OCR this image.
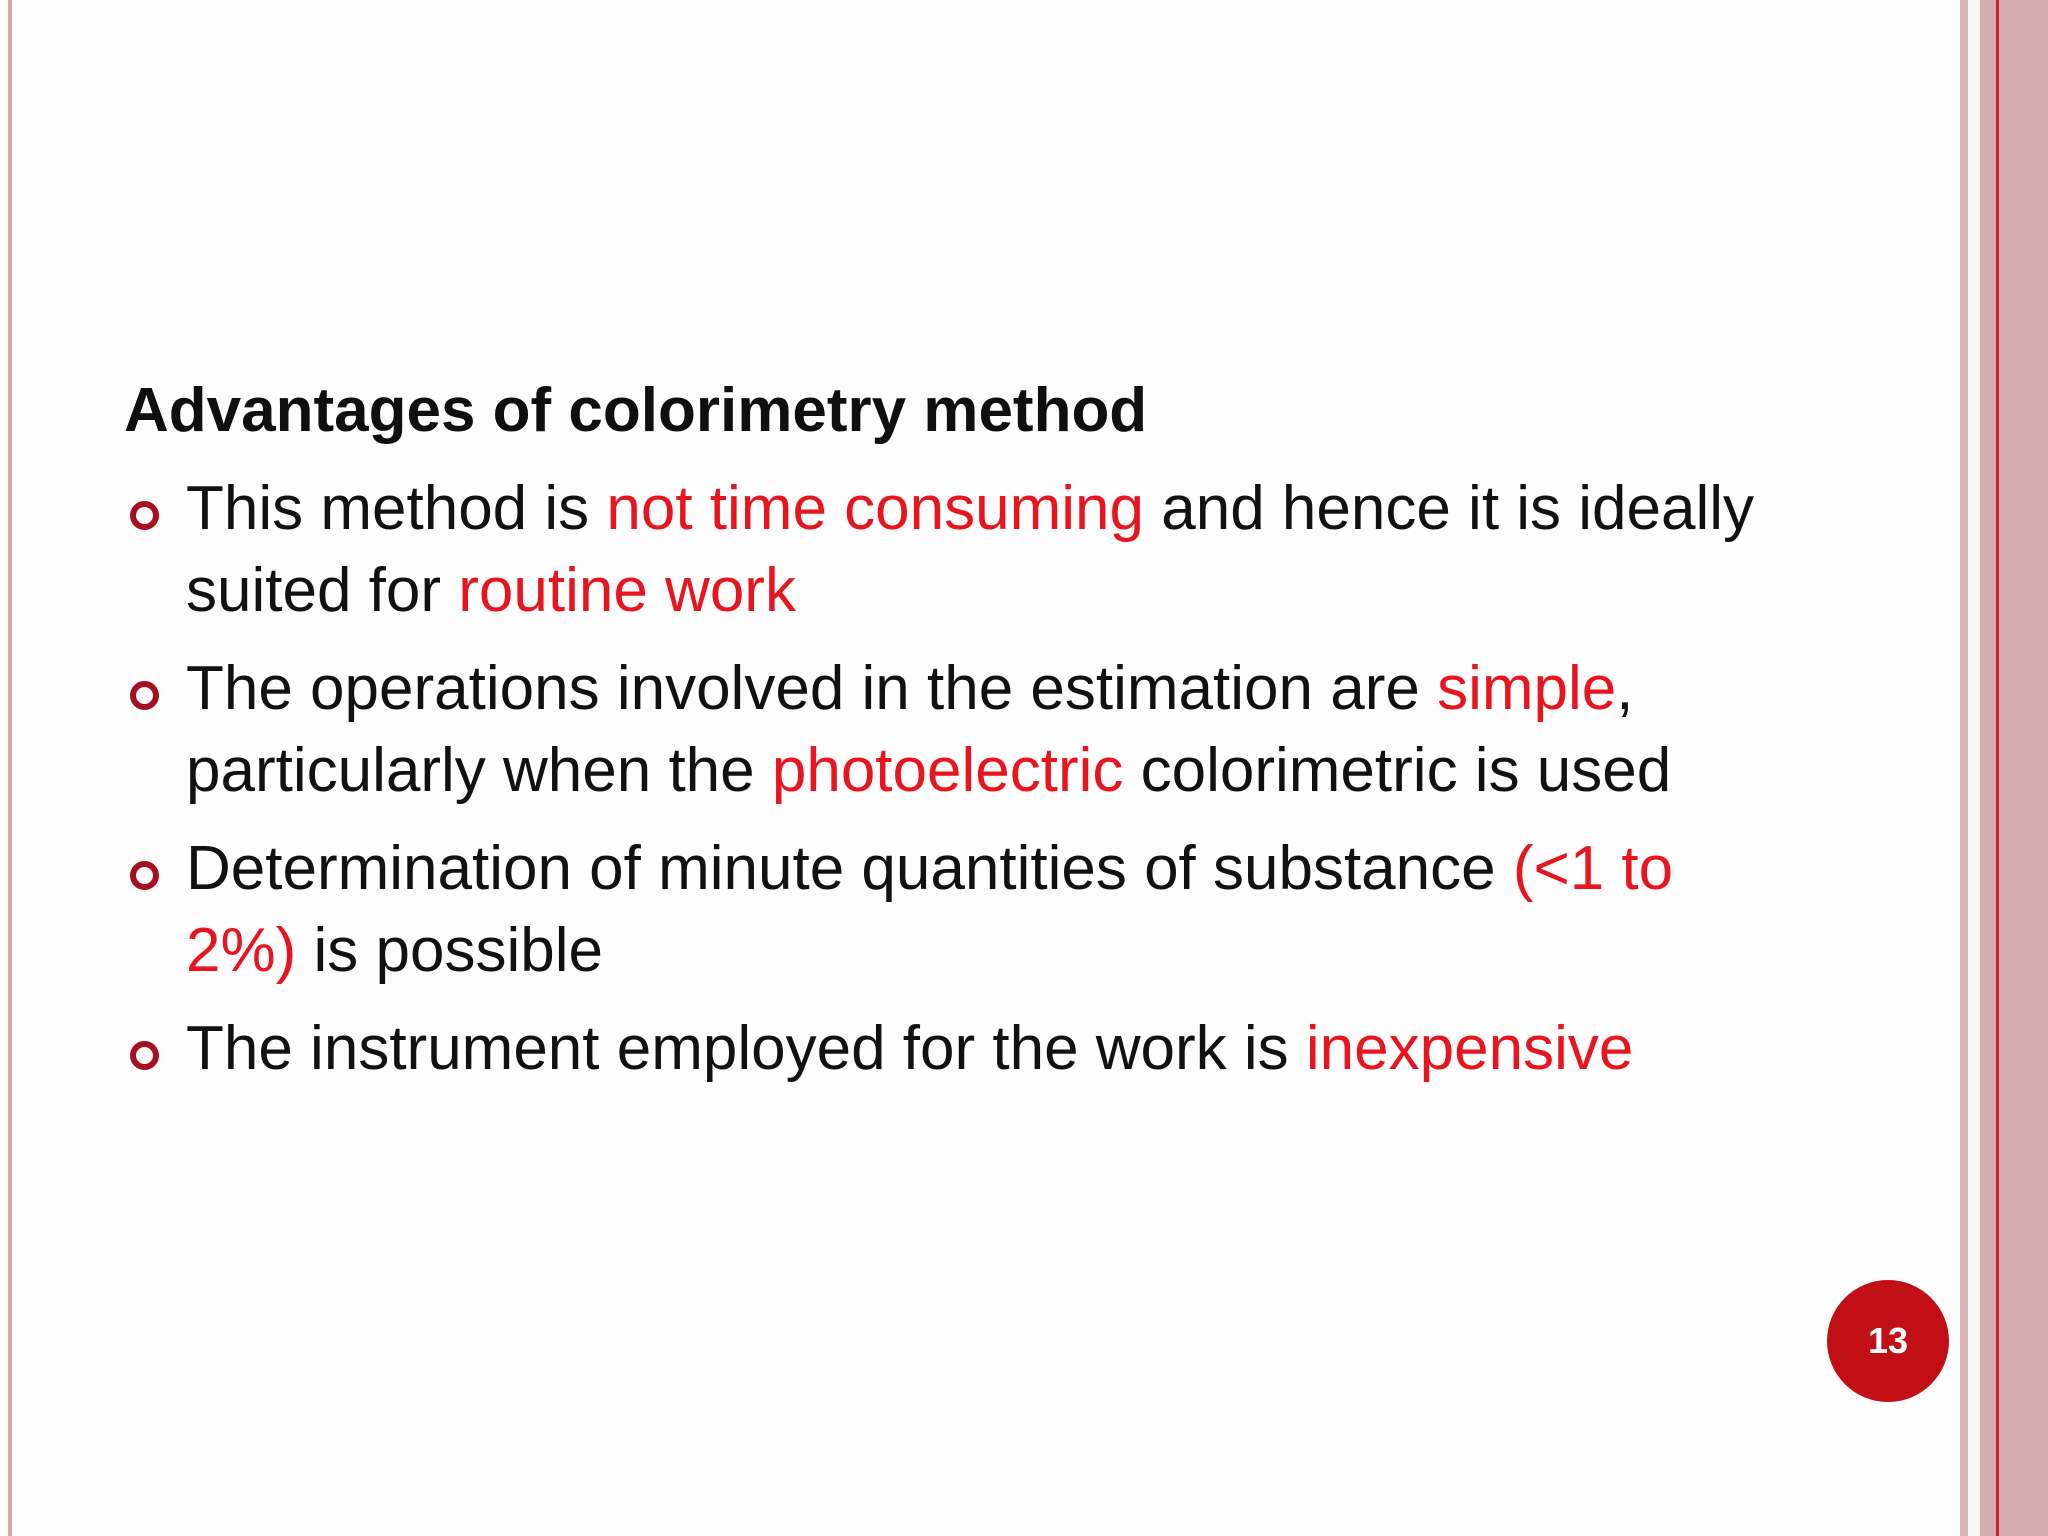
Advantages of colorimetry method
This method is not time consuming and hence it is ideally suited for routine work
The operations involved in the estimation are simple, particularly when the photoelectric colorimetric is used
Determination of minute quantities of substance (<1 to 2%) is possible
The instrument employed for the work is inexpensive
13
